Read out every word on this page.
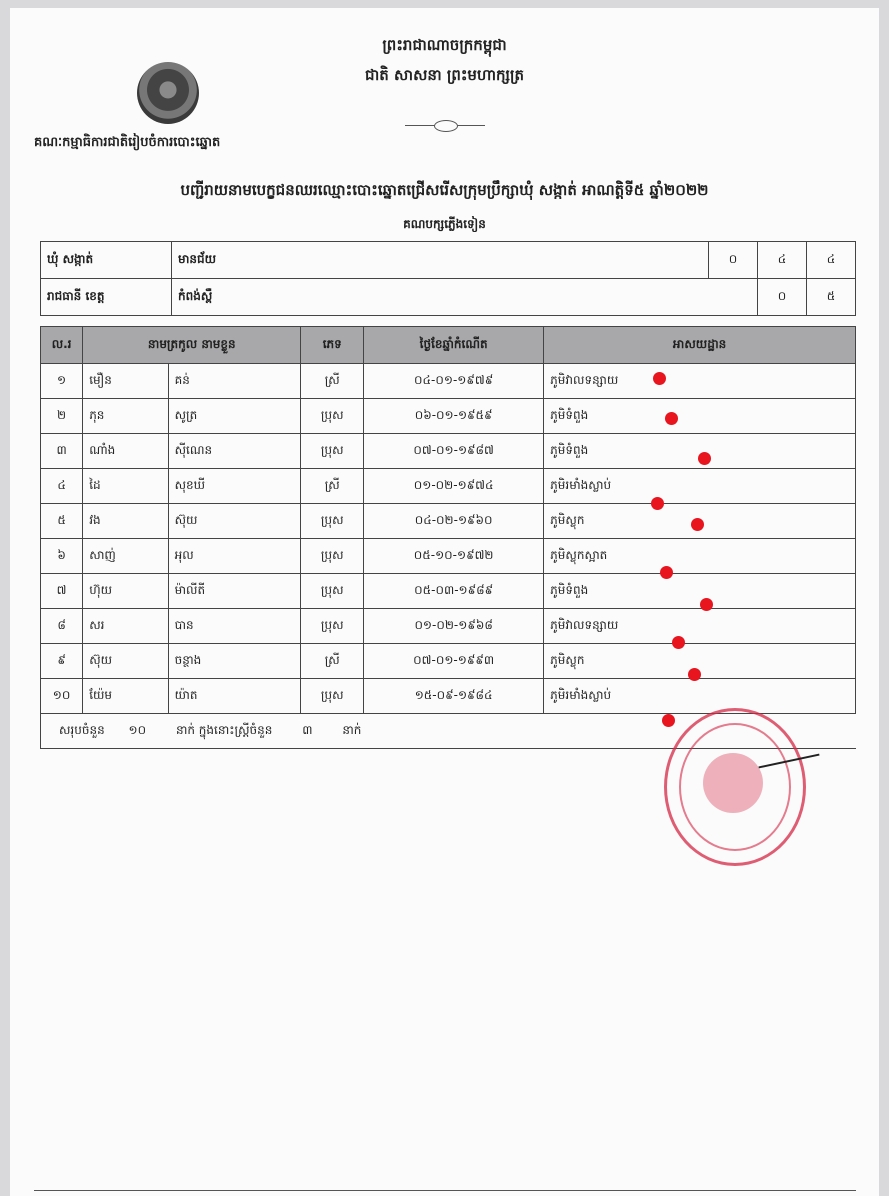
ព្រះរាជាណាចក្រកម្ពុជា
ជាតិ សាសនា ព្រះមហាក្សត្រ
គណៈកម្មាធិការជាតិរៀបចំការបោះឆ្នោត
បញ្ជីរាយនាមបេក្ខជនឈរឈ្មោះបោះឆ្នោតជ្រើសរើសក្រុមប្រឹក្សាឃុំ សង្កាត់ អាណត្តិទី៥ ឆ្នាំ២០២២
គណបក្សភ្លើងទៀន
ឃុំ សង្កាត់	មានជ័យ	០	៤	៤
រាជធានី ខេត្ត	កំពង់ស្ពឺ		០	៥
ល.រ	នាមត្រកូល នាមខ្លួន		ភេទ	ថ្ងៃខែឆ្នាំកំណើត	អាសយដ្ឋាន
១	មឿន	គន់	ស្រី	០៤-០១-១៩៧៩	ភូមិវាលទន្សាយ
២	ភុន	សូត្រ	ប្រុស	០៦-០១-១៩៥៩	ភូមិទំពួង
៣	ណាំង	ស៊ីណេន	ប្រុស	០៧-០១-១៩៨៧	ភូមិទំពួង
៤	ដៃ	សុខឃី	ស្រី	០១-០២-១៩៧៤	ភូមិរមាំងស្លាប់
៥	វង	ស៊ុយ	ប្រុស	០៤-០២-១៩៦០	ភូមិស្លុក
៦	សាញ់	អុល	ប្រុស	០៥-១០-១៩៧២	ភូមិស្លុកស្អាត
៧	ហ៊ុយ	ម៉ាលីតី	ប្រុស	០៥-០៣-១៩៨៩	ភូមិទំពួង
៨	សរ	បាន	ប្រុស	០១-០២-១៩៦៨	ភូមិវាលទន្សាយ
៩	ស៊ុយ	ចន្ថាង	ស្រី	០៧-០១-១៩៩៣	ភូមិស្លុក
១០	យ៉ែម	យ៉ាត	ប្រុស	១៥-០៩-១៩៨៤	ភូមិរមាំងស្លាប់
សរុបចំនួន ១០ នាក់ ក្នុងនោះស្ត្រីចំនួន ៣ នាក់					
